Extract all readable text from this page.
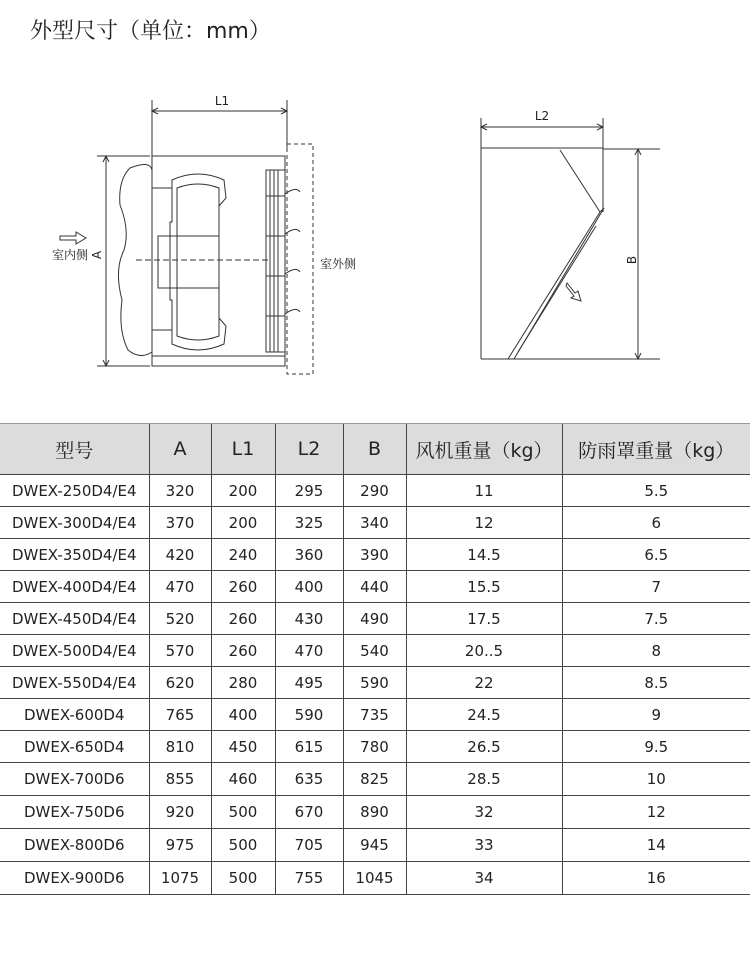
外型尺寸（单位：mm）
L1
A
室内侧
室外侧
L2
B
型号	A	L1	L2	B	风机重量（kg）	防雨罩重量（kg）
DWEX-250D4/E4	320	200	295	290	11	5.5
DWEX-300D4/E4	370	200	325	340	12	6
DWEX-350D4/E4	420	240	360	390	14.5	6.5
DWEX-400D4/E4	470	260	400	440	15.5	7
DWEX-450D4/E4	520	260	430	490	17.5	7.5
DWEX-500D4/E4	570	260	470	540	20..5	8
DWEX-550D4/E4	620	280	495	590	22	8.5
DWEX-600D4	765	400	590	735	24.5	9
DWEX-650D4	810	450	615	780	26.5	9.5
DWEX-700D6	855	460	635	825	28.5	10
DWEX-750D6	920	500	670	890	32	12
DWEX-800D6	975	500	705	945	33	14
DWEX-900D6	1075	500	755	1045	34	16
